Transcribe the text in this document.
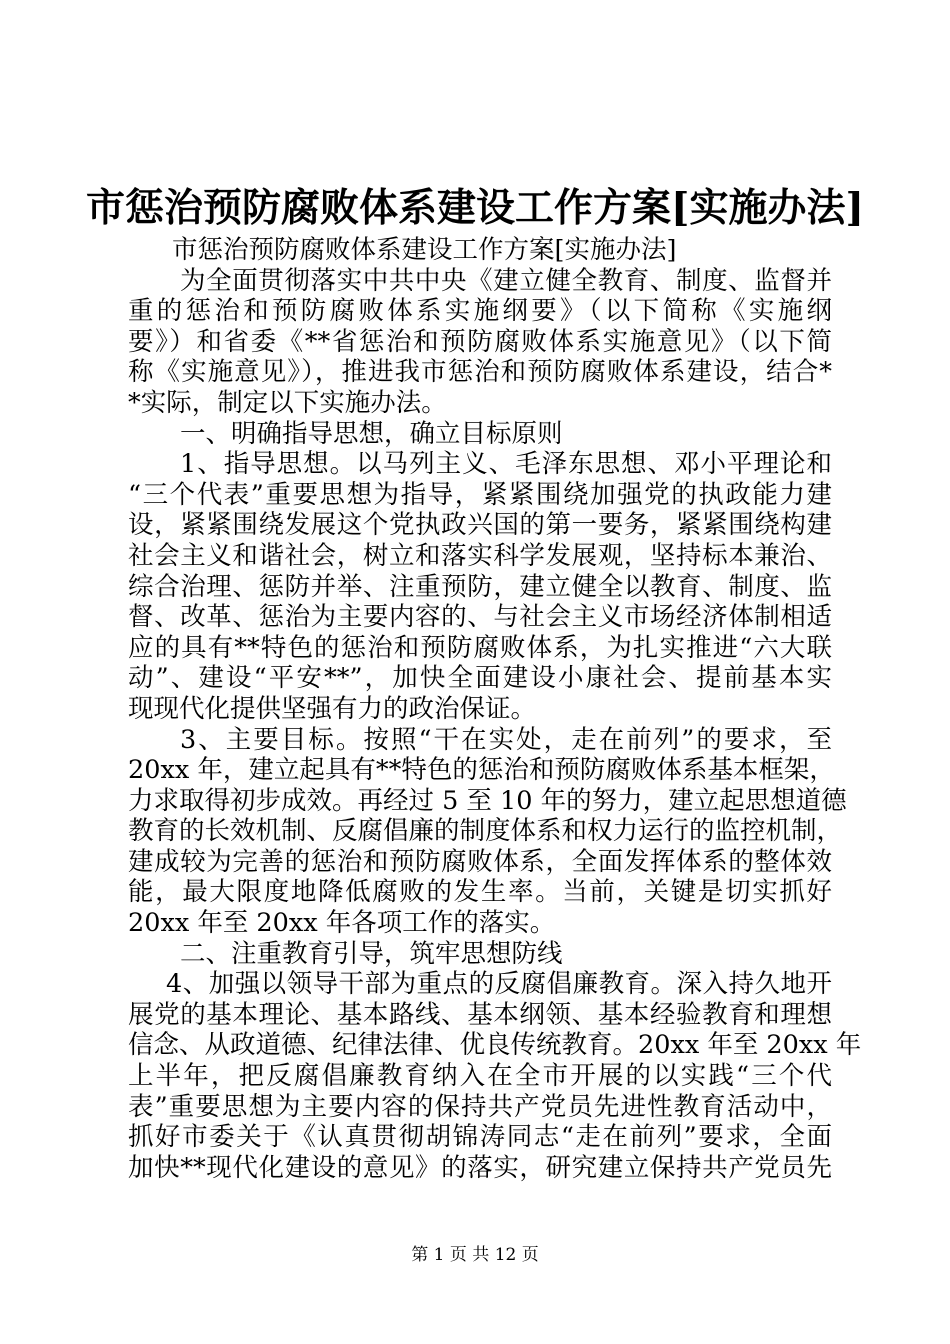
市惩治预防腐败体系建设工作方案[实施办法]
市惩治预防腐败体系建设工作方案[实施办法]
为全面贯彻落实中共中央《建立健全教育、制度、监督并
重的惩治和预防腐败体系实施纲要》（以下简称《实施纲
要》）和省委《**省惩治和预防腐败体系实施意见》（以下简
称《实施意见》），推进我市惩治和预防腐败体系建设，结合*
*实际，制定以下实施办法。
一、明确指导思想，确立目标原则
1、指导思想。以马列主义、毛泽东思想、邓小平理论和
“三个代表”重要思想为指导，紧紧围绕加强党的执政能力建
设，紧紧围绕发展这个党执政兴国的第一要务，紧紧围绕构建
社会主义和谐社会，树立和落实科学发展观，坚持标本兼治、
综合治理、惩防并举、注重预防，建立健全以教育、制度、监
督、改革、惩治为主要内容的、与社会主义市场经济体制相适
应的具有**特色的惩治和预防腐败体系，为扎实推进“六大联
动”、建设“平安**”，加快全面建设小康社会、提前基本实
现现代化提供坚强有力的政治保证。
3、主要目标。按照“干在实处，走在前列”的要求，至
20xx 年，建立起具有**特色的惩治和预防腐败体系基本框架，
力求取得初步成效。再经过 5 至 10 年的努力，建立起思想道德
教育的长效机制、反腐倡廉的制度体系和权力运行的监控机制，
建成较为完善的惩治和预防腐败体系，全面发挥体系的整体效
能，最大限度地降低腐败的发生率。当前，关键是切实抓好
20xx 年至 20xx 年各项工作的落实。
二、注重教育引导，筑牢思想防线
4、加强以领导干部为重点的反腐倡廉教育。深入持久地开
展党的基本理论、基本路线、基本纲领、基本经验教育和理想
信念、从政道德、纪律法律、优良传统教育。20xx 年至 20xx 年
上半年，把反腐倡廉教育纳入在全市开展的以实践“三个代
表”重要思想为主要内容的保持共产党员先进性教育活动中，
抓好市委关于《认真贯彻胡锦涛同志“走在前列”要求，全面
加快**现代化建设的意见》的落实，研究建立保持共产党员先
第 1 页 共 12 页
